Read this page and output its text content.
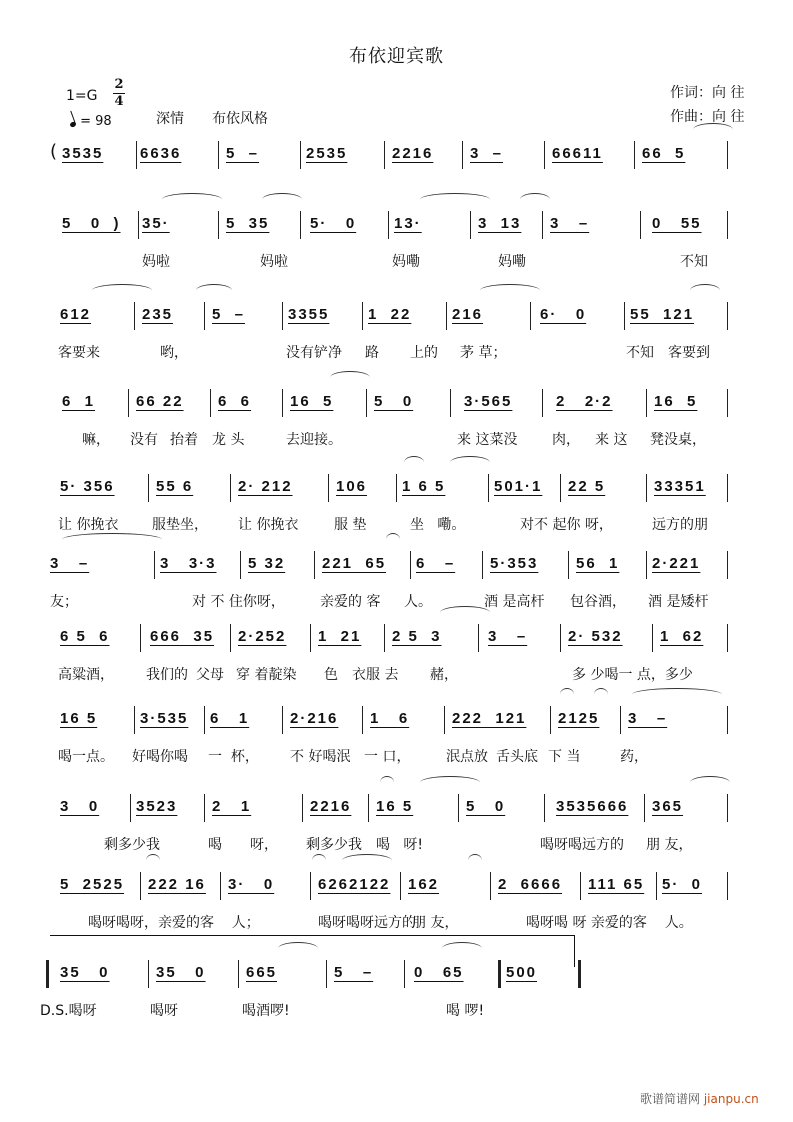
布依迎宾歌
1=G
2
4
= 98	深情 布依风格
作词：向 往
作曲：向 往
3535 6636	5  –	2535	2216 3  –	66611	66  5
(
5   0  ) 35·	5  35	5·   0	13·	3  13 3   –	0   55
妈啦	妈啦	妈嘞	妈嘞	不知
612	235	5  –	3355	1  22	216	6·   0	55  121
客要来	哟，	没有铲净 路 上的 茅 草；	不知 客要到
6  1	66 22 6  6	16  5	5   0	3·565	2   2·2	16  5
嘛， 没有 抬着 龙 头	去迎接。	来 这菜没 肉， 来 这 凳没桌，
5· 356	55 6	2· 212	106 1 6 5	501·1 22 5	33351
让 你挽衣 服垫坐， 让 你挽衣	服 垫	坐   嘞。	对不 起你 呀，	远方的朋
3   –	3   3·3 5 32 221  65 6   – 5·353	56  1 2·221
友；	对 不 住你呀，	亲爱的 客 人。	酒 是高杆 包谷酒， 酒 是矮杆
6 5  6	666  35 2·252 1  21 2 5  3	3   –	2· 532 1  62
高粱酒， 我们的 父母 穿 着靛染 色 衣服 去 赭，	多 少喝一 点，多少
16 5	3·535 6   1	2·216 1   6	222  121 2125 3   –
喝一点。 好喝你喝 一  杯， 不 好喝泯 一 口，	泯点放 舌头底 下 当	药，
3   0 3523 2   1	2216 16 5	5   0	3535666 365
剩多少我	喝 呀， 剩多少我 喝   呀!	喝呀喝远方的 朋 友，
5  2525 222 16 3·   0	6262122 162	2  6666 111 65 5·  0
喝呀喝呀，亲爱的客    人；	喝呀喝呀远方的
朋 友，	喝呀喝 呀 亲爱的客    人。
35   0	35   0	665	5   –	0   65	500
D.S.喝呀	喝呀	喝酒啰!	喝 啰!
歌谱简谱网 jianpu.cn
